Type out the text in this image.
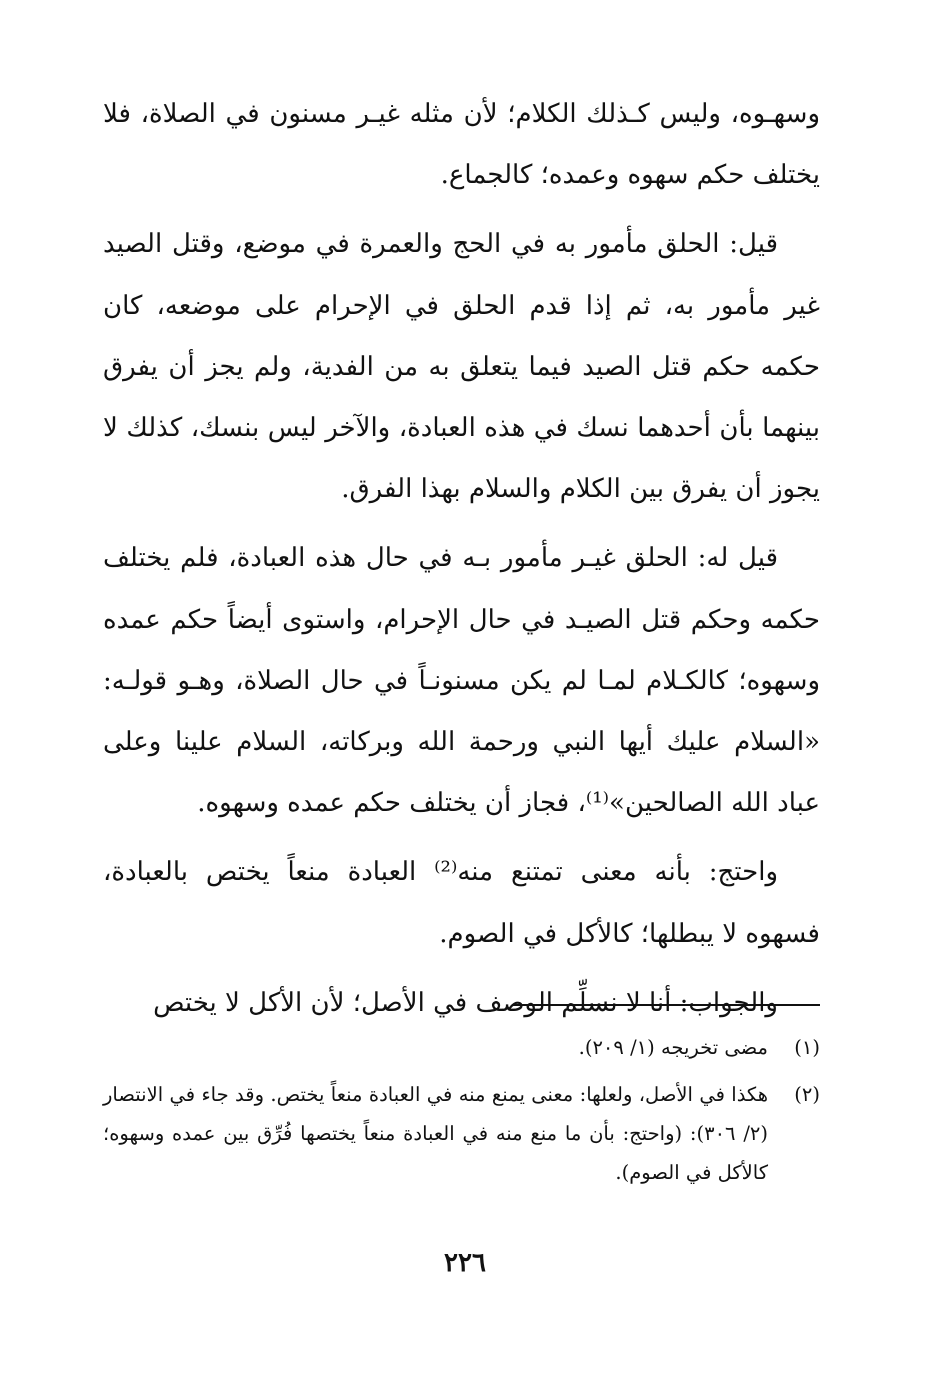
وسهـوه، وليس كـذلك الكلام؛ لأن مثله غيـر مسنون في الصلاة، فلا يختلف حكم سهوه وعمده؛ كالجماع.

قيل: الحلق مأمور به في الحج والعمرة في موضع، وقتل الصيد غير مأمور به، ثم إذا قدم الحلق في الإحرام على موضعه، كان حكمه حكم قتل الصيد فيما يتعلق به من الفدية، ولم يجز أن يفرق بينهما بأن أحدهما نسك في هذه العبادة، والآخر ليس بنسك، كذلك لا يجوز أن يفرق بين الكلام والسلام بهذا الفرق.

قيل له: الحلق غيـر مأمور بـه في حال هذه العبادة، فلم يختلف حكمه وحكم قتل الصيـد في حال الإحرام، واستوى أيضاً حكم عمده وسهوه؛ كالكـلام لمـا لم يكن مسنونـاً في حال الصلاة، وهـو قولـه: «السلام عليك أيها النبي ورحمة الله وبركاته، السلام علينا وعلى عباد الله الصالحين»⁽¹⁾، فجاز أن يختلف حكم عمده وسهوه.

واحتج: بأنه معنى تمتنع منه⁽²⁾ العبادة منعاً يختص بالعبادة، فسهوه لا يبطلها؛ كالأكل في الصوم.

والجواب: أنا لا نسلِّم الوصف في الأصل؛ لأن الأكل لا يختص

(١)
مضى تخريجه (١/ ٢٠٩).
(٢)
هكذا في الأصل، ولعلها: معنى يمنع منه في العبادة منعاً يختص. وقد جاء في الانتصار (٢/ ٣٠٦): (واحتج: بأن ما منع منه في العبادة منعاً يختصها فُرِّق بين عمده وسهوه؛ كالأكل في الصوم).
٢٢٦
